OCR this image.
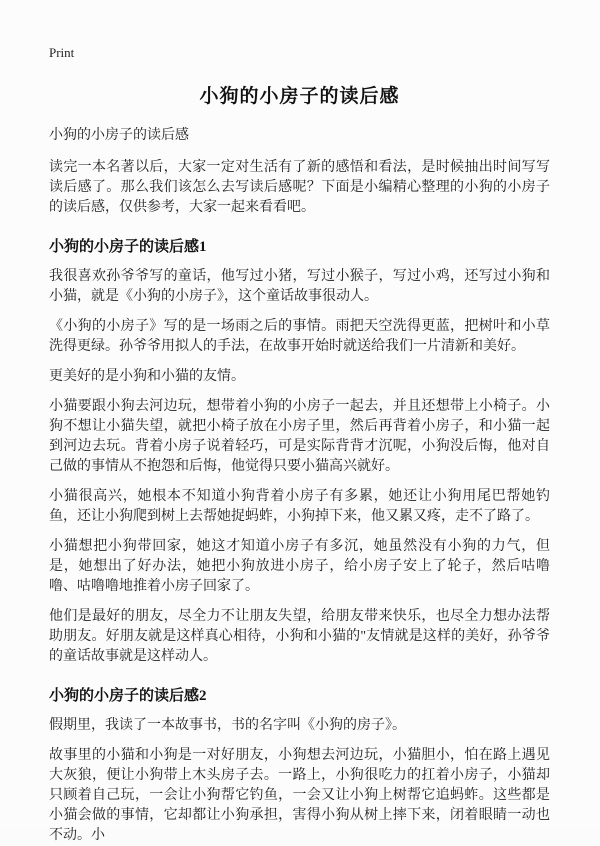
Print
小狗的小房子的读后感

小狗的小房子的读后感

读完一本名著以后，大家一定对生活有了新的感悟和看法，是时候抽出时间写写读后感了。那么我们该怎么去写读后感呢？下面是小编精心整理的小狗的小房子的读后感，仅供参考，大家一起来看看吧。

小狗的小房子的读后感1

我很喜欢孙爷爷写的童话，他写过小猪，写过小猴子，写过小鸡，还写过小狗和小猫，就是《小狗的小房子》，这个童话故事很动人。

《小狗的小房子》写的是一场雨之后的事情。雨把天空洗得更蓝，把树叶和小草洗得更绿。孙爷爷用拟人的手法，在故事开始时就送给我们一片清新和美好。

更美好的是小狗和小猫的友情。

小猫要跟小狗去河边玩，想带着小狗的小房子一起去，并且还想带上小椅子。小狗不想让小猫失望，就把小椅子放在小房子里，然后再背着小房子，和小猫一起到河边去玩。背着小房子说着轻巧，可是实际背背才沉呢，小狗没后悔，他对自己做的事情从不抱怨和后悔，他觉得只要小猫高兴就好。

小猫很高兴，她根本不知道小狗背着小房子有多累，她还让小狗用尾巴帮她钓鱼，还让小狗爬到树上去帮她捉蚂蚱，小狗掉下来，他又累又疼，走不了路了。

小猫想把小狗带回家，她这才知道小房子有多沉，她虽然没有小狗的力气，但是，她想出了好办法，她把小狗放进小房子，给小房子安上了轮子，然后咕噜噜、咕噜噜地推着小房子回家了。

他们是最好的朋友，尽全力不让朋友失望，给朋友带来快乐，也尽全力想办法帮助朋友。好朋友就是这样真心相待，小狗和小猫的"友情就是这样的美好，孙爷爷的童话故事就是这样动人。

小狗的小房子的读后感2

假期里，我读了一本故事书，书的名字叫《小狗的房子》。

故事里的小猫和小狗是一对好朋友，小狗想去河边玩，小猫胆小，怕在路上遇见大灰狼，便让小狗带上木头房子去。一路上，小狗很吃力的扛着小房子，小猫却只顾着自己玩，一会让小狗帮它钓鱼，一会又让小狗上树帮它追蚂蚱。这些都是小猫会做的事情，它却都让小狗承担，害得小狗从树上摔下来，闭着眼睛一动也不动。小
